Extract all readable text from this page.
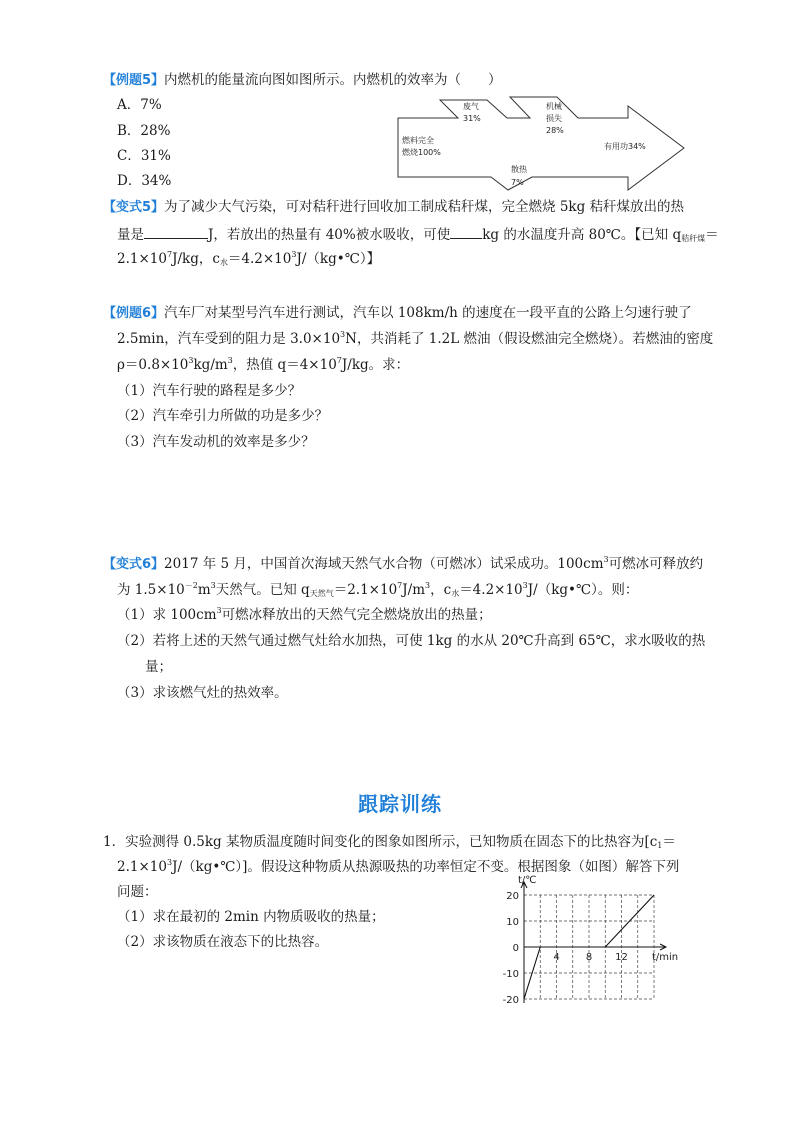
【例题5】内燃机的能量流向图如图所示。内燃机的效率为（　　）
A．7%
B．28%
C．31%
D．34%
燃料完全
燃烧100%
废气
31%
机械
损失
28%
有用功34%
散热
7%
【变式5】为了减少大气污染，可对秸秆进行回收加工制成秸秆煤，完全燃烧 5kg 秸秆煤放出的热
量是	J，若放出的热量有 40%被水吸收，可使 kg 的水温度升高 80℃。【已知 $q_{秸秆煤}=$
$2.1\times 10^7J/kg$，$c_水=4.2\times 10^3J/(kg•℃)$】
【例题6】汽车厂对某型号汽车进行测试，汽车以 108km/h 的速度在一段平直的公路上匀速行驶了
2.5min，汽车受到的阻力是 $3.0\times 10^3N$，共消耗了 1.2L 燃油（假设燃油完全燃烧）。若燃油的密度
$\rho=0.8\times 10^3kg/m^3$，热值 $q=4\times 10^7J/kg$。求：
（1）汽车行驶的路程是多少？
（2）汽车牵引力所做的功是多少？
（3）汽车发动机的效率是多少？
【变式6】2017 年 5 月，中国首次海域天然气水合物（可燃冰）试采成功。$100cm^3$可燃冰可释放约
为 $1.5\times 10^{-2}m^3$天然气。已知 $q_{天然气}=2.1\times 10^7J/m^3$，$c_水=4.2\times 10^3J/(kg•℃)$。则：
（1）求 $100cm^3$可燃冰释放出的天然气完全燃烧放出的热量；
（2）若将上述的天然气通过燃气灶给水加热，可使 1kg 的水从 20℃升高到 65℃，求水吸收的热
量；
（3）求该燃气灶的热效率。
跟踪训练
1．实验测得 0.5kg 某物质温度随时间变化的图象如图所示，已知物质在固态下的比热容为[$c_1=$
$2.1\times 10^3J/(kg•℃)$]。假设这种物质从热源吸热的功率恒定不变。根据图象（如图）解答下列
问题：
（1）求在最初的 2min 内物质吸收的热量；
（2）求该物质在液态下的比热容。
20
10
0
-10
-20
4	8 12
t/℃
t/min
